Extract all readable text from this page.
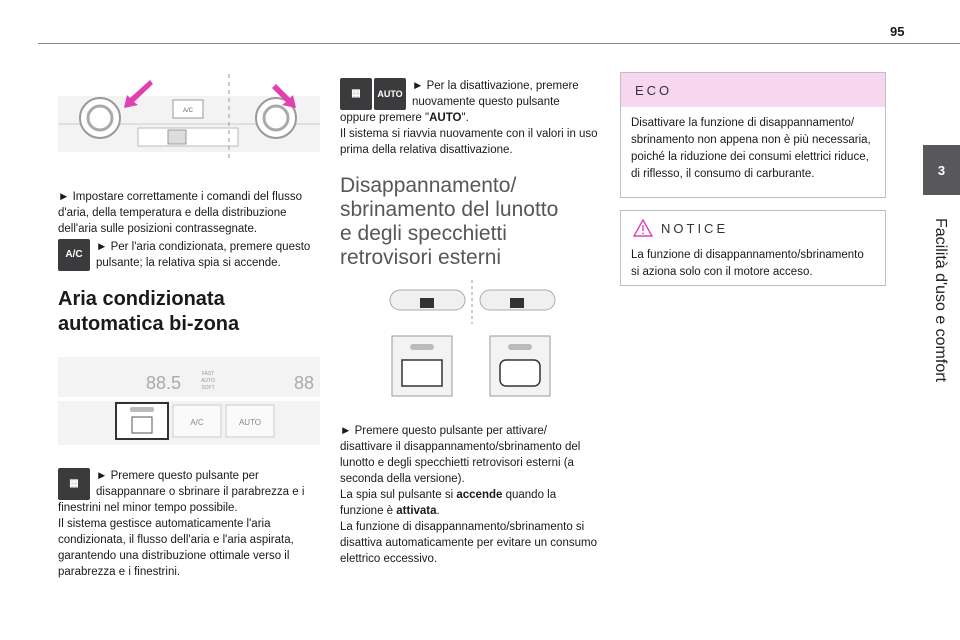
95
3
Facilità d'uso e comfort
A/C

► Impostare correttamente i comandi del flusso d'aria, della temperatura e della distribuzione dell'aria sulle posizioni contrassegnate.

A/C

► Per l'aria condizionata, premere questo pulsante; la relativa spia si accende.

Aria condizionata automatica bi-zona
88.5	FAST
AUTO
SOFT	88
A/C	AUTO
▦

► Premere questo pulsante per disappannare o sbrinare il parabrezza e i finestrini nel minor tempo possibile.

Il sistema gestisce automaticamente l'aria condizionata, il flusso dell'aria e l'aria aspirata, garantendo una distribuzione ottimale verso il parabrezza e i finestrini.

▦	AUTO

► Per la disattivazione, premere nuovamente questo pulsante oppure premere "AUTO".

Il sistema si riavvia nuovamente con il valori in uso prima della relativa disattivazione.

Disappannamento/ sbrinamento del lunotto e degli specchietti retrovisori esterni

► Premere questo pulsante per attivare/ disattivare il disappannamento/sbrinamento del lunotto e degli specchietti retrovisori esterni (a seconda della versione).

La spia sul pulsante si accende quando la funzione è attivata.

La funzione di disappannamento/sbrinamento si disattiva automaticamente per evitare un consumo elettrico eccessivo.

ECO
Disattivare la funzione di disappannamento/ sbrinamento non appena non è più necessaria, poiché la riduzione dei consumi elettrici riduce, di riflesso, il consumo di carburante.
NOTICE
La funzione di disappannamento/sbrinamento si aziona solo con il motore acceso.
